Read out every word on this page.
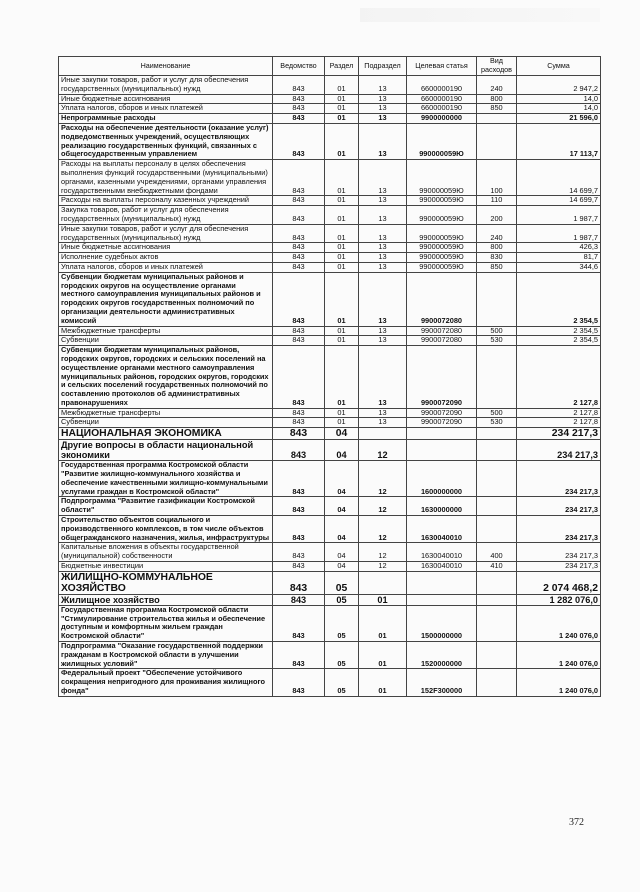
Наименование	Ведомство	Раздел	Подраздел	Целевая статья	Вид расходов	Сумма
Иные закупки товаров, работ и услуг для обеспечения государственных (муниципальных) нужд	843	01	13	6600000190	240	2 947,2
Иные бюджетные ассигнования	843	01	13	6600000190	800	14,0
Уплата налогов, сборов и иных платежей	843	01	13	6600000190	850	14,0
Непрограммные расходы	843	01	13	9900000000		21 596,0
Расходы на обеспечение деятельности (оказание услуг) подведомственных учреждений, осуществляющих реализацию государственных функций, связанных с общегосударственным управлением	843	01	13	990000059Ю		17 113,7
Расходы на выплаты персоналу в целях обеспечения выполнения функций государственными (муниципальными) органами, казенными учреждениями, органами управления государственными внебюджетными фондами	843	01	13	990000059Ю	100	14 699,7
Расходы на выплаты персоналу казенных учреждений	843	01	13	990000059Ю	110	14 699,7
Закупка товаров, работ и услуг для обеспечения государственных (муниципальных) нужд	843	01	13	990000059Ю	200	1 987,7
Иные закупки товаров, работ и услуг для обеспечения государственных (муниципальных) нужд	843	01	13	990000059Ю	240	1 987,7
Иные бюджетные ассигнования	843	01	13	990000059Ю	800	426,3
Исполнение судебных актов	843	01	13	990000059Ю	830	81,7
Уплата налогов, сборов и иных платежей	843	01	13	990000059Ю	850	344,6
Субвенции бюджетам муниципальных районов и городских округов на осуществление органами местного самоуправления муниципальных районов и городских округов государственных полномочий по организации деятельности административных комиссий	843	01	13	9900072080		2 354,5
Межбюджетные трансферты	843	01	13	9900072080	500	2 354,5
Субвенции	843	01	13	9900072080	530	2 354,5
Субвенции бюджетам муниципальных районов, городских округов, городских и сельских поселений на осуществление органами местного самоуправления муниципальных районов, городских округов, городских и сельских поселений государственных полномочий по составлению протоколов об административных правонарушениях	843	01	13	9900072090		2 127,8
Межбюджетные трансферты	843	01	13	9900072090	500	2 127,8
Субвенции	843	01	13	9900072090	530	2 127,8
НАЦИОНАЛЬНАЯ ЭКОНОМИКА	843	04				234 217,3
Другие вопросы в области национальной экономики	843	04	12			234 217,3
Государственная программа Костромской области "Развитие жилищно-коммунального хозяйства и обеспечение качественными жилищно-коммунальными услугами граждан в Костромской области"	843	04	12	1600000000		234 217,3
Подпрограмма "Развитие газификации Костромской области"	843	04	12	1630000000		234 217,3
Строительство объектов социального и производственного комплексов, в том числе объектов общегражданского назначения, жилья, инфраструктуры	843	04	12	1630040010		234 217,3
Капитальные вложения в объекты государственной (муниципальной) собственности	843	04	12	1630040010	400	234 217,3
Бюджетные инвестиции	843	04	12	1630040010	410	234 217,3
ЖИЛИЩНО-КОММУНАЛЬНОЕ ХОЗЯЙСТВО	843	05				2 074 468,2
Жилищное хозяйство	843	05	01			1 282 076,0
Государственная программа Костромской области "Стимулирование строительства жилья и обеспечение доступным и комфортным жильем граждан Костромской области"	843	05	01	1500000000		1 240 076,0
Подпрограмма "Оказание государственной поддержки гражданам в Костромской области в улучшении жилищных условий"	843	05	01	1520000000		1 240 076,0
Федеральный проект "Обеспечение устойчивого сокращения непригодного для проживания жилищного фонда"	843	05	01	152F300000		1 240 076,0
372
